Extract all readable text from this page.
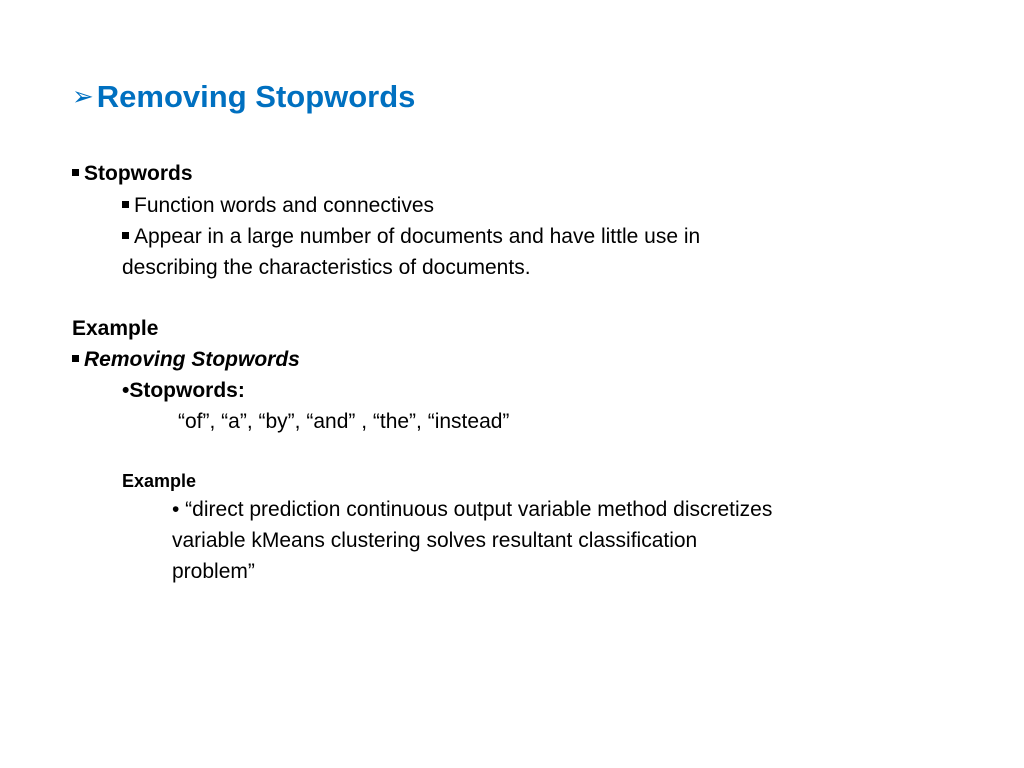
➢Removing Stopwords
Stopwords
Function words and connectives
Appear in a large number of documents and have little use in
describing the characteristics of documents.
Example
Removing Stopwords
•Stopwords:
“of”, “a”, “by”, “and” , “the”, “instead”
Example
• “direct prediction continuous output variable method discretizes
variable kMeans clustering solves resultant classification
problem”
